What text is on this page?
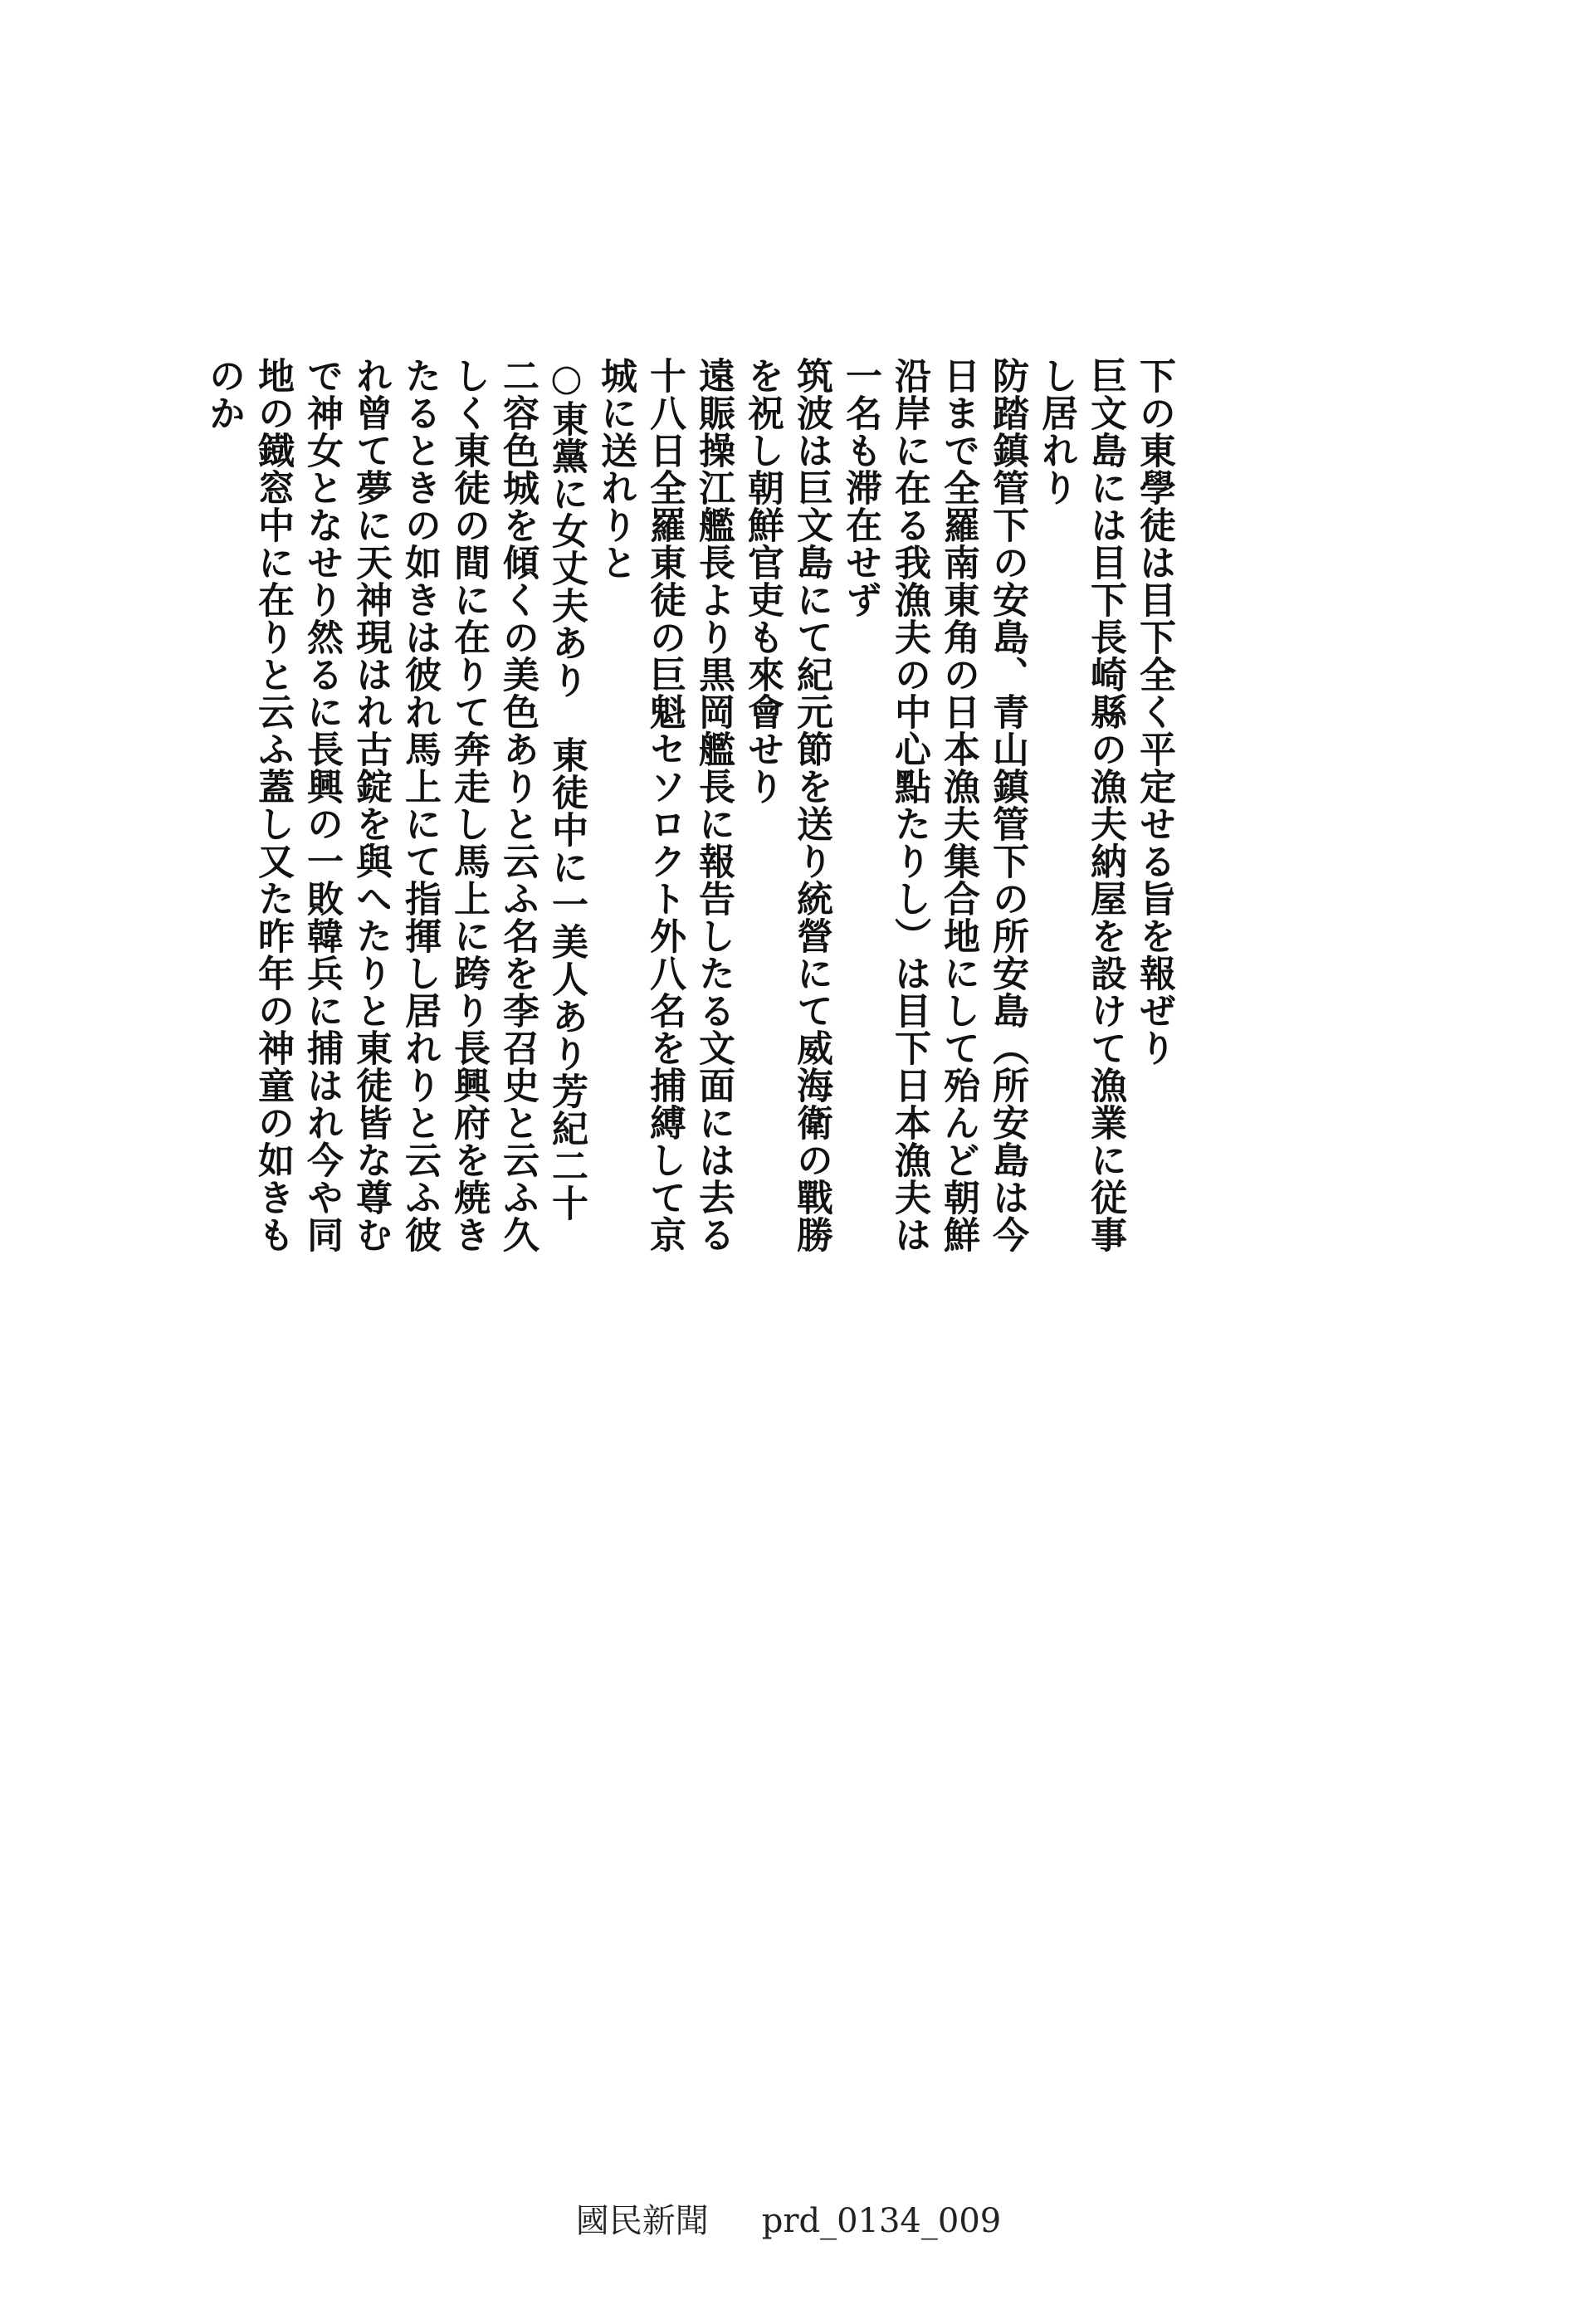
下の東學徒は目下全く平定せる旨を報ぜり

巨文島には目下長崎縣の漁夫納屋を設けて漁業に従事し居れり

防踏鎮管下の安島、青山鎮管下の所安島（所安島は今日まで全羅南東角の日本漁夫集合地にして殆んど朝鮮沿岸に在る我漁夫の中心點たりし）は目下日本漁夫は一名も滞在せず

筑波は巨文島にて紀元節を送り統營にて威海衛の戰勝を祝し朝鮮官吏も來會せり

遠賑操江艦長より黒岡艦長に報告したる文面には去る十八日全羅東徒の巨魁セソロクト外八名を捕縛して京城に送れりと

○東黨に女丈夫あり　東徒中に一美人あり芳紀二十二容色城を傾くの美色ありと云ふ名を李召史と云ふ久しく東徒の間に在りて奔走し馬上に跨り長興府を焼きたるときの如きは彼れ馬上にて指揮し居れりと云ふ彼れ曾て夢に天神現はれ古錠を與へたりと東徒皆な尊むで神女となせり然るに長興の一敗韓兵に捕はれ今や同地の鐡窓中に在りと云ふ蓋し又た昨年の神童の如きものか

國民新聞 prd_0134_009
